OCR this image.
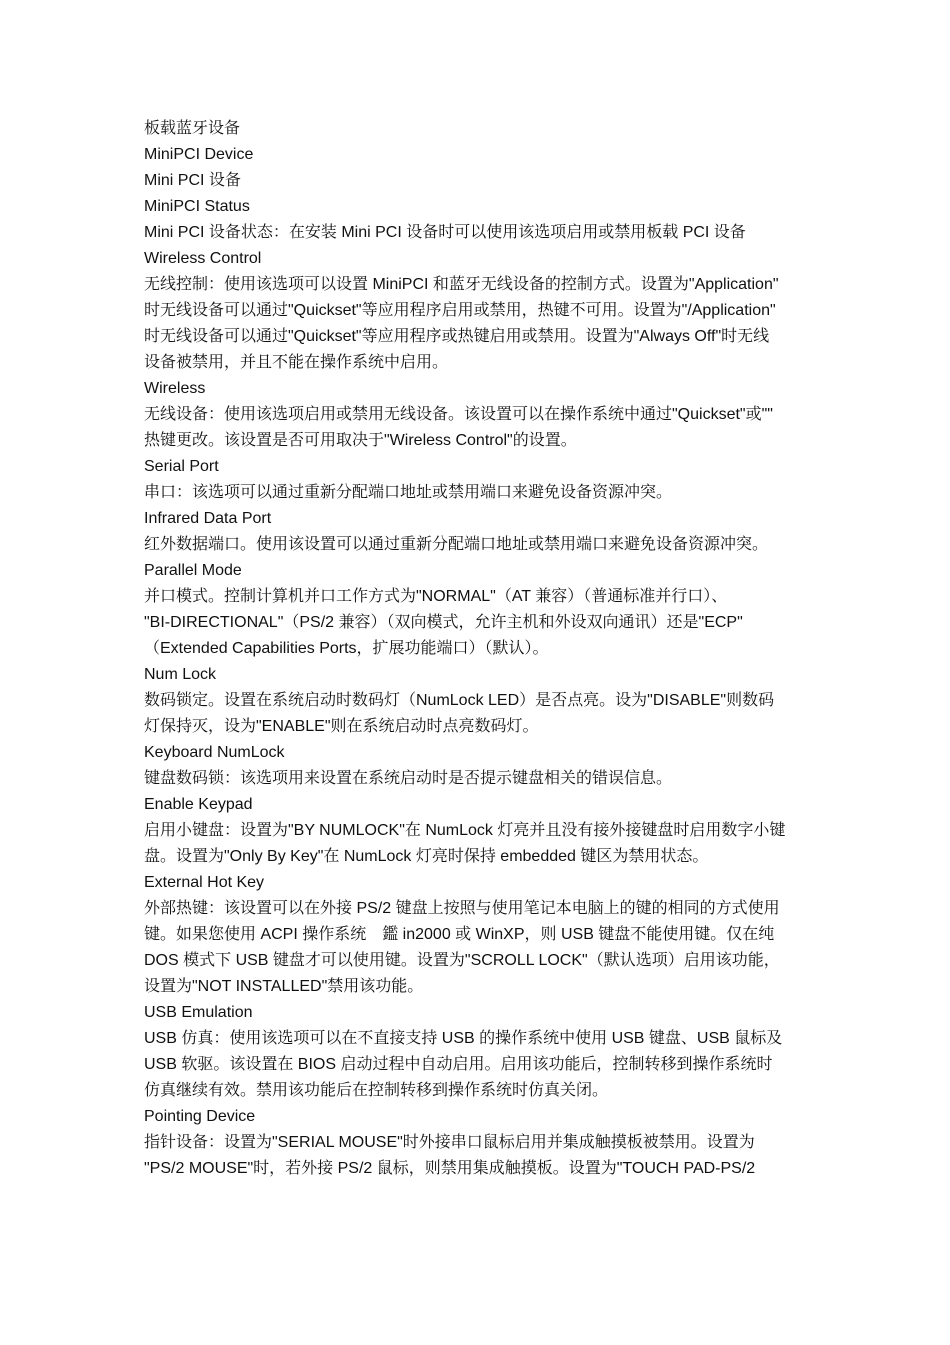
板载蓝牙设备
MiniPCI Device
Mini PCI 设备
MiniPCI Status
Mini PCI 设备状态：在安装 Mini PCI 设备时可以使用该选项启用或禁用板载 PCI 设备
Wireless Control
无线控制：使用该选项可以设置 MiniPCI 和蓝牙无线设备的控制方式。设置为"Application"
时无线设备可以通过"Quickset"等应用程序启用或禁用，热键不可用。设置为"/Application"
时无线设备可以通过"Quickset"等应用程序或热键启用或禁用。设置为"Always Off"时无线
设备被禁用，并且不能在操作系统中启用。
Wireless
无线设备：使用该选项启用或禁用无线设备。该设置可以在操作系统中通过"Quickset"或""
热键更改。该设置是否可用取决于"Wireless Control"的设置。
Serial Port
串口：该选项可以通过重新分配端口地址或禁用端口来避免设备资源冲突。
Infrared Data Port
红外数据端口。使用该设置可以通过重新分配端口地址或禁用端口来避免设备资源冲突。
Parallel Mode
并口模式。控制计算机并口工作方式为"NORMAL"（AT 兼容）（普通标准并行口）、
"BI-DIRECTIONAL"（PS/2 兼容）（双向模式，允许主机和外设双向通讯）还是"ECP"
（Extended Capabilities Ports，扩展功能端口）（默认）。
Num Lock
数码锁定。设置在系统启动时数码灯（NumLock LED）是否点亮。设为"DISABLE"则数码
灯保持灭，设为"ENABLE"则在系统启动时点亮数码灯。
Keyboard NumLock
键盘数码锁：该选项用来设置在系统启动时是否提示键盘相关的错误信息。
Enable Keypad
启用小键盘：设置为"BY NUMLOCK"在 NumLock 灯亮并且没有接外接键盘时启用数字小键
盘。设置为"Only By Key"在 NumLock 灯亮时保持 embedded 键区为禁用状态。
External Hot Key
外部热键：该设置可以在外接 PS/2 键盘上按照与使用笔记本电脑上的键的相同的方式使用
键。如果您使用 ACPI 操作系统　鑑 in2000 或 WinXP，则 USB 键盘不能使用键。仅在纯
DOS 模式下 USB 键盘才可以使用键。设置为"SCROLL LOCK"（默认选项）启用该功能，
设置为"NOT INSTALLED"禁用该功能。
USB Emulation
USB 仿真：使用该选项可以在不直接支持 USB 的操作系统中使用 USB 键盘、USB 鼠标及
USB 软驱。该设置在 BIOS 启动过程中自动启用。启用该功能后，控制转移到操作系统时
仿真继续有效。禁用该功能后在控制转移到操作系统时仿真关闭。
Pointing Device
指针设备：设置为"SERIAL MOUSE"时外接串口鼠标启用并集成触摸板被禁用。设置为
"PS/2 MOUSE"时，若外接 PS/2 鼠标，则禁用集成触摸板。设置为"TOUCH PAD-PS/2
